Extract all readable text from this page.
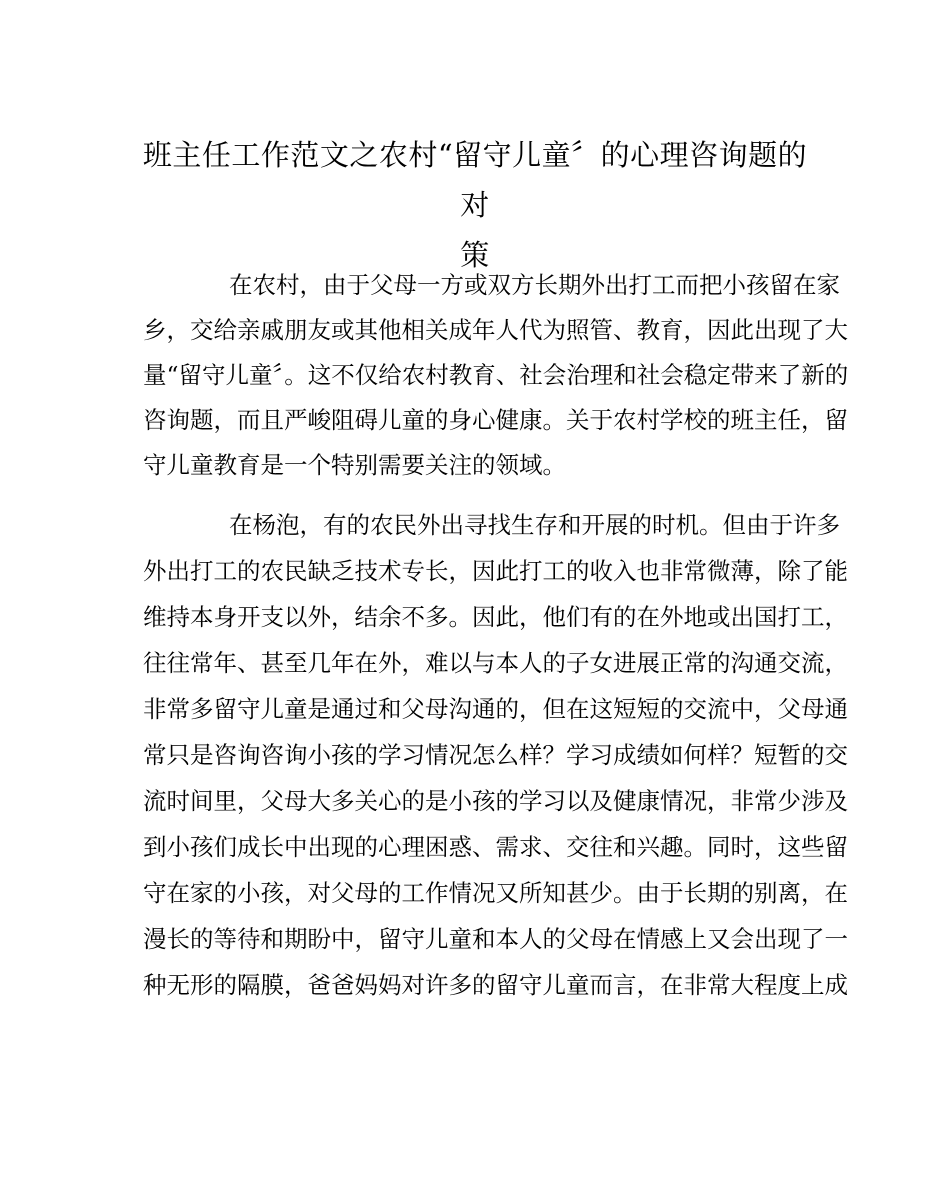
班主任工作范文之农村“留守儿童〞的心理咨询题的对
策

在农村，由于父母一方或双方长期外出打工而把小孩留在家

乡，交给亲戚朋友或其他相关成年人代为照管、教育，因此出现了大

量“留守儿童〞。这不仅给农村教育、社会治理和社会稳定带来了新的

咨询题，而且严峻阻碍儿童的身心健康。关于农村学校的班主任，留

守儿童教育是一个特别需要关注的领域。

在杨泡，有的农民外出寻找生存和开展的时机。但由于许多

外出打工的农民缺乏技术专长，因此打工的收入也非常微薄，除了能

维持本身开支以外，结余不多。因此，他们有的在外地或出国打工，

往往常年、甚至几年在外，难以与本人的子女进展正常的沟通交流，

非常多留守儿童是通过和父母沟通的，但在这短短的交流中，父母通

常只是咨询咨询小孩的学习情况怎么样？学习成绩如何样？短暂的交

流时间里，父母大多关心的是小孩的学习以及健康情况，非常少涉及

到小孩们成长中出现的心理困惑、需求、交往和兴趣。同时，这些留

守在家的小孩，对父母的工作情况又所知甚少。由于长期的别离，在

漫长的等待和期盼中，留守儿童和本人的父母在情感上又会出现了一

种无形的隔膜，爸爸妈妈对许多的留守儿童而言，在非常大程度上成
